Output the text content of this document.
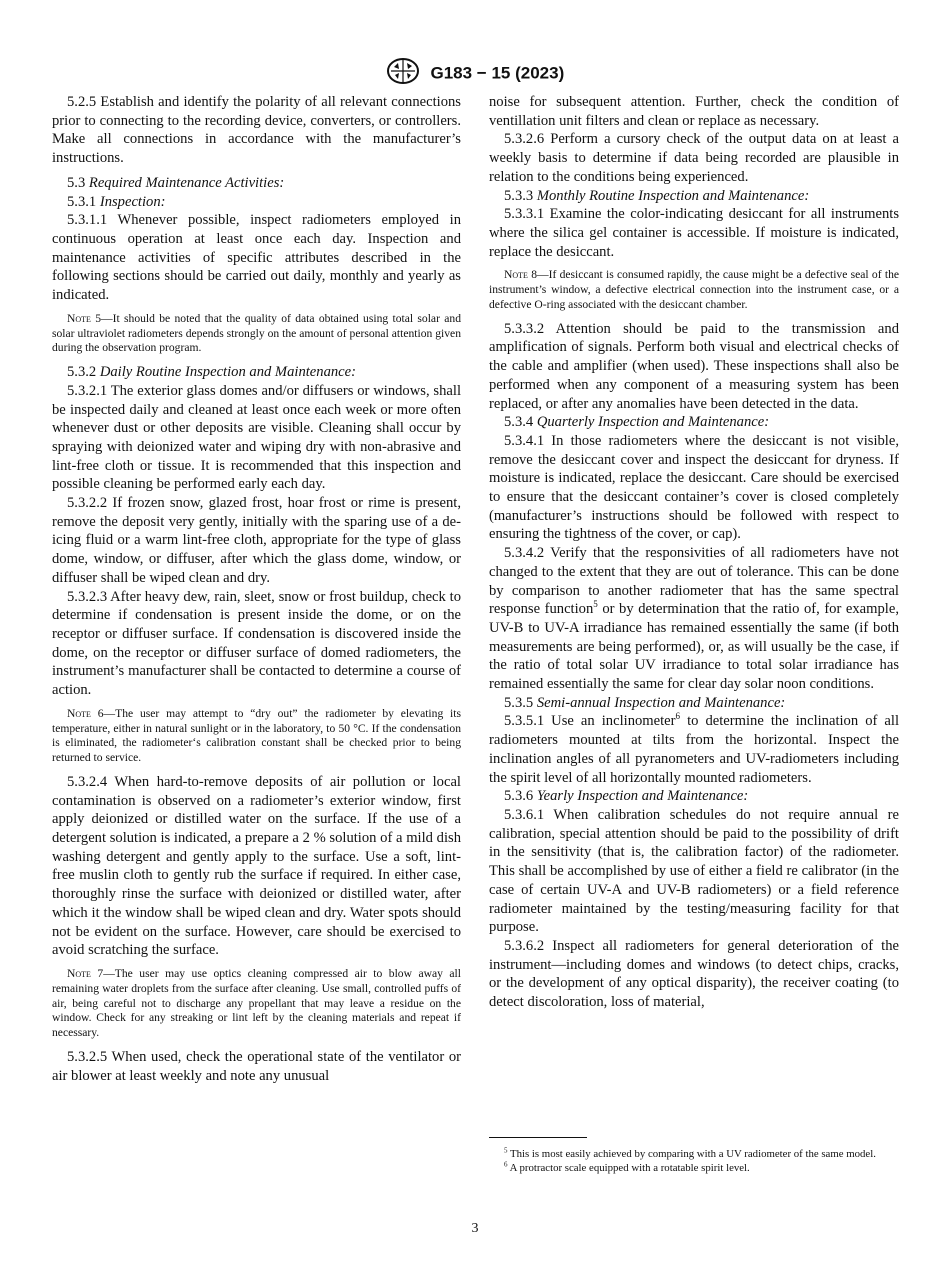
G183 − 15 (2023)

5.2.5 Establish and identify the polarity of all relevant connections prior to connecting to the recording device, converters, or controllers. Make all connections in accordance with the manufacturer’s instructions.

5.3 Required Maintenance Activities:

5.3.1 Inspection:

5.3.1.1 Whenever possible, inspect radiometers employed in continuous operation at least once each day. Inspection and maintenance activities of specific attributes described in the following sections should be carried out daily, monthly and yearly as indicated.

Note 5—It should be noted that the quality of data obtained using total solar and solar ultraviolet radiometers depends strongly on the amount of personal attention given during the observation program.

5.3.2 Daily Routine Inspection and Maintenance:

5.3.2.1 The exterior glass domes and/or diffusers or windows, shall be inspected daily and cleaned at least once each week or more often whenever dust or other deposits are visible. Cleaning shall occur by spraying with deionized water and wiping dry with non-abrasive and lint-free cloth or tissue. It is recommended that this inspection and possible cleaning be performed early each day.

5.3.2.2 If frozen snow, glazed frost, hoar frost or rime is present, remove the deposit very gently, initially with the sparing use of a de-icing fluid or a warm lint-free cloth, appropriate for the type of glass dome, window, or diffuser, after which the glass dome, window, or diffuser shall be wiped clean and dry.

5.3.2.3 After heavy dew, rain, sleet, snow or frost buildup, check to determine if condensation is present inside the dome, or on the receptor or diffuser surface. If condensation is discovered inside the dome, on the receptor or diffuser surface of domed radiometers, the instrument’s manufacturer shall be contacted to determine a course of action.

Note 6—The user may attempt to “dry out” the radiometer by elevating its temperature, either in natural sunlight or in the laboratory, to 50 °C. If the condensation is eliminated, the radiometer‘s calibration constant shall be checked prior to being returned to service.

5.3.2.4 When hard-to-remove deposits of air pollution or local contamination is observed on a radiometer’s exterior window, first apply deionized or distilled water on the surface. If the use of a detergent solution is indicated, a prepare a 2 % solution of a mild dish washing detergent and gently apply to the surface. Use a soft, lint-free muslin cloth to gently rub the surface if required. In either case, thoroughly rinse the surface with deionized or distilled water, after which it the window shall be wiped clean and dry. Water spots should not be evident on the surface. However, care should be exercised to avoid scratching the surface.

Note 7—The user may use optics cleaning compressed air to blow away all remaining water droplets from the surface after cleaning. Use small, controlled puffs of air, being careful not to discharge any propellant that may leave a residue on the window. Check for any streaking or lint left by the cleaning materials and repeat if necessary.

5.3.2.5 When used, check the operational state of the ventilator or air blower at least weekly and note any unusual

noise for subsequent attention. Further, check the condition of ventillation unit filters and clean or replace as necessary.

5.3.2.6 Perform a cursory check of the output data on at least a weekly basis to determine if data being recorded are plausible in relation to the conditions being experienced.

5.3.3 Monthly Routine Inspection and Maintenance:

5.3.3.1 Examine the color-indicating desiccant for all instruments where the silica gel container is accessible. If moisture is indicated, replace the desiccant.

Note 8—If desiccant is consumed rapidly, the cause might be a defective seal of the instrument’s window, a defective electrical connection into the instrument case, or a defective O-ring associated with the desiccant chamber.

5.3.3.2 Attention should be paid to the transmission and amplification of signals. Perform both visual and electrical checks of the cable and amplifier (when used). These inspections shall also be performed when any component of a measuring system has been replaced, or after any anomalies have been detected in the data.

5.3.4 Quarterly Inspection and Maintenance:

5.3.4.1 In those radiometers where the desiccant is not visible, remove the desiccant cover and inspect the desiccant for dryness. If moisture is indicated, replace the desiccant. Care should be exercised to ensure that the desiccant container’s cover is closed completely (manufacturer’s instructions should be followed with respect to ensuring the tightness of the cover, or cap).

5.3.4.2 Verify that the responsivities of all radiometers have not changed to the extent that they are out of tolerance. This can be done by comparison to another radiometer that has the same spectral response function$^5$ or by determination that the ratio of, for example, UV-B to UV-A irradiance has remained essentially the same (if both measurements are being performed), or, as will usually be the case, if the ratio of total solar UV irradiance to total solar irradiance has remained essentially the same for clear day solar noon conditions.

5.3.5 Semi-annual Inspection and Maintenance:

5.3.5.1 Use an inclinometer$^6$ to determine the inclination of all radiometers mounted at tilts from the horizontal. Inspect the inclination angles of all pyranometers and UV-radiometers including the spirit level of all horizontally mounted radiometers.

5.3.6 Yearly Inspection and Maintenance:

5.3.6.1 When calibration schedules do not require annual re calibration, special attention should be paid to the possibility of drift in the sensitivity (that is, the calibration factor) of the radiometer. This shall be accomplished by use of either a field re calibrator (in the case of certain UV-A and UV-B radiometers) or a field reference radiometer maintained by the testing/measuring facility for that purpose.

5.3.6.2 Inspect all radiometers for general deterioration of the instrument—including domes and windows (to detect chips, cracks, or the development of any optical disparity), the receiver coating (to detect discoloration, loss of material,

$^5$ This is most easily achieved by comparing with a UV radiometer of the same model.

$^6$ A protractor scale equipped with a rotatable spirit level.

3
